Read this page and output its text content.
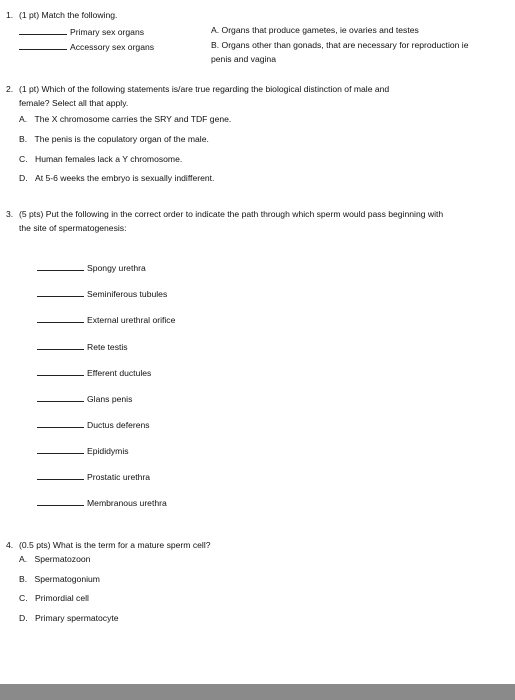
1. (1 pt) Match the following.
Primary sex organs
Accessory sex organs
A. Organs that produce gametes, ie ovaries and testes
B. Organs other than gonads, that are necessary for reproduction ie
penis and vagina
2. (1 pt) Which of the following statements is/are true regarding the biological distinction of male and
female? Select all that apply.
A. The X chromosome carries the SRY and TDF gene.
B. The penis is the copulatory organ of the male.
C. Human females lack a Y chromosome.
D. At 5-6 weeks the embryo is sexually indifferent.
3. (5 pts) Put the following in the correct order to indicate the path through which sperm would pass beginning with
the site of spermatogenesis:
Spongy urethra
Seminiferous tubules
External urethral orifice
Rete testis
Efferent ductules
Glans penis
Ductus deferens
Epididymis
Prostatic urethra
Membranous urethra
4. (0.5 pts) What is the term for a mature sperm cell?
A. Spermatozoon
B. Spermatogonium
C. Primordial cell
D. Primary spermatocyte
